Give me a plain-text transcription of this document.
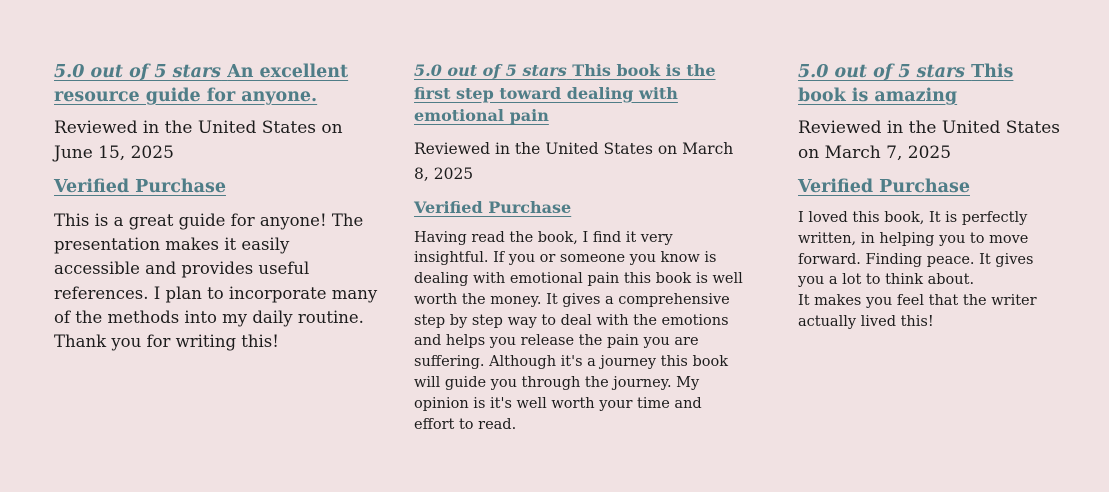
5.0 out of 5 stars An excellent resource guide for anyone.
Reviewed in the United States on June 15, 2025
Verified Purchase
This is a great guide for anyone! The presentation makes it easily accessible and provides useful references. I plan to incorporate many of the methods into my daily routine. Thank you for writing this!
5.0 out of 5 stars This book is the first step toward dealing with emotional pain
Reviewed in the United States on March 8, 2025
Verified Purchase
Having read the book, I find it very insightful. If you or someone you know is dealing with emotional pain this book is well worth the money. It gives a comprehensive step by step way to deal with the emotions and helps you release the pain you are suffering. Although it's a journey this book will guide you through the journey. My opinion is it's well worth your time and effort to read.
5.0 out of 5 stars This book is amazing
Reviewed in the United States on March 7, 2025
Verified Purchase
I loved this book, It is perfectly written, in helping you to move forward. Finding peace. It gives you a lot to think about.
It makes you feel that the writer actually lived this!
